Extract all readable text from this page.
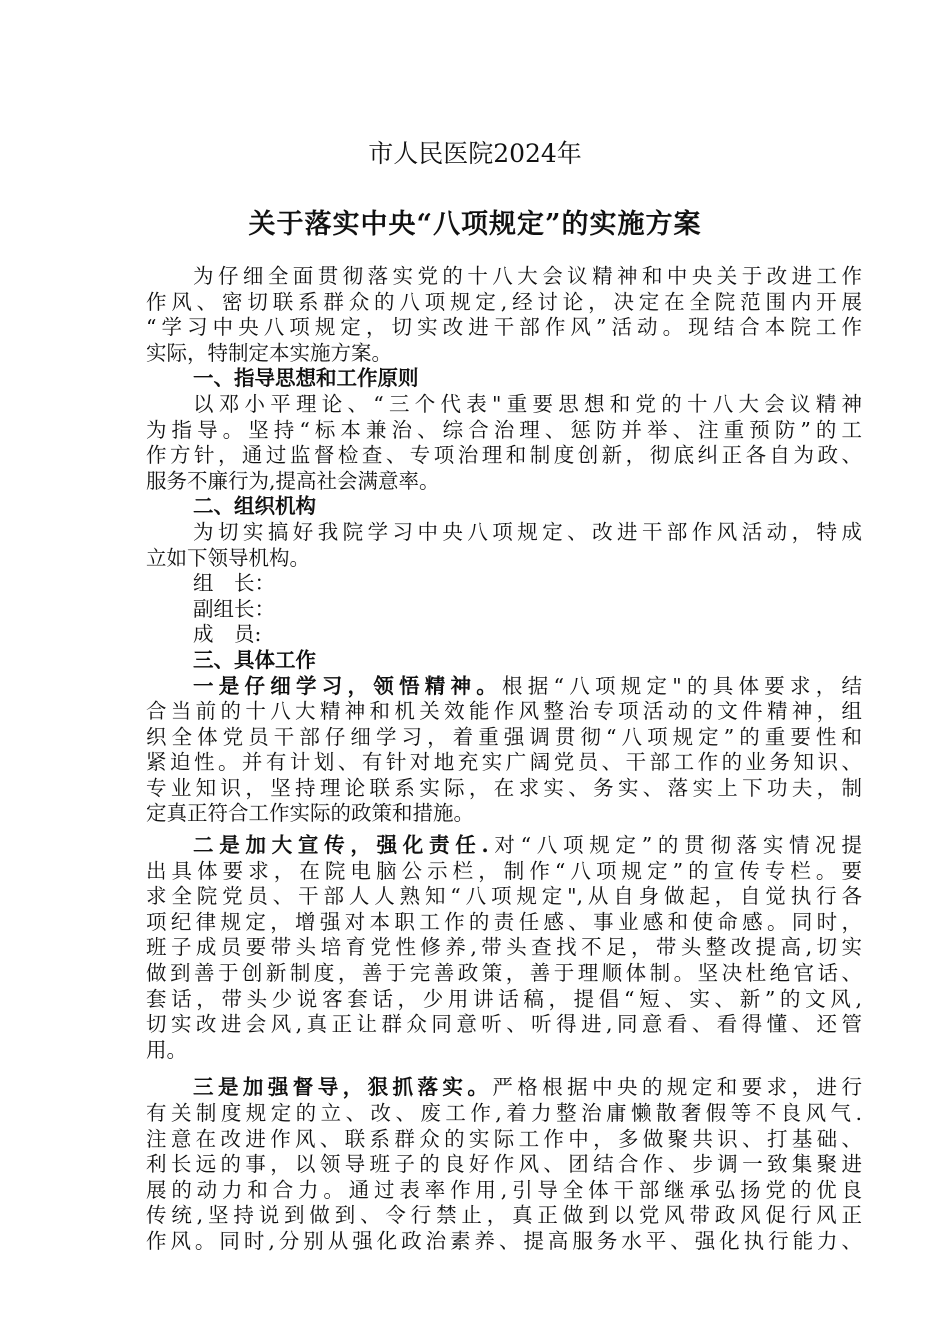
市人民医院2024年
关于落实中央“八项规定”的实施方案
为仔细全面贯彻落实党的十八大会议精神和中央关于改进工作
作风、密切联系群众的八项规定,经讨论，决定在全院范围内开展
“学习中央八项规定，切实改进干部作风”活动。现结合本院工作
实际，特制定本实施方案。
一、指导思想和工作原则
以邓小平理论、“三个代表"重要思想和党的十八大会议精神
为指导。坚持“标本兼治、综合治理、惩防并举、注重预防”的工
作方针，通过监督检查、专项治理和制度创新，彻底纠正各自为政、
服务不廉行为,提高社会满意率。
二、组织机构
为切实搞好我院学习中央八项规定、改进干部作风活动，特成
立如下领导机构。
组　长：
副组长：
成　员:
三、具体工作
一是仔细学习，领悟精神。根据“八项规定"的具体要求，结
合当前的十八大精神和机关效能作风整治专项活动的文件精神，组
织全体党员干部仔细学习，着重强调贯彻“八项规定”的重要性和
紧迫性。并有计划、有针对地充实广阔党员、干部工作的业务知识、
专业知识，坚持理论联系实际，在求实、务实、落实上下功夫，制
定真正符合工作实际的政策和措施。
二是加大宣传，强化责任.对“八项规定”的贯彻落实情况提
出具体要求，在院电脑公示栏，制作“八项规定”的宣传专栏。要
求全院党员、干部人人熟知“八项规定",从自身做起，自觉执行各
项纪律规定，增强对本职工作的责任感、事业感和使命感。同时，
班子成员要带头培育党性修养,带头查找不足，带头整改提高,切实
做到善于创新制度，善于完善政策，善于理顺体制。坚决杜绝官话、
套话，带头少说客套话，少用讲话稿，提倡“短、实、新”的文风,
切实改进会风,真正让群众同意听、听得进,同意看、看得懂、还管
用。
三是加强督导，狠抓落实。严格根据中央的规定和要求，进行
有关制度规定的立、改、废工作,着力整治庸懒散奢假等不良风气.
注意在改进作风、联系群众的实际工作中，多做聚共识、打基础、
利长远的事，以领导班子的良好作风、团结合作、步调一致集聚进
展的动力和合力。通过表率作用,引导全体干部继承弘扬党的优良
传统,坚持说到做到、令行禁止，真正做到以党风带政风促行风正
作风。同时,分别从强化政治素养、提高服务水平、强化执行能力、
